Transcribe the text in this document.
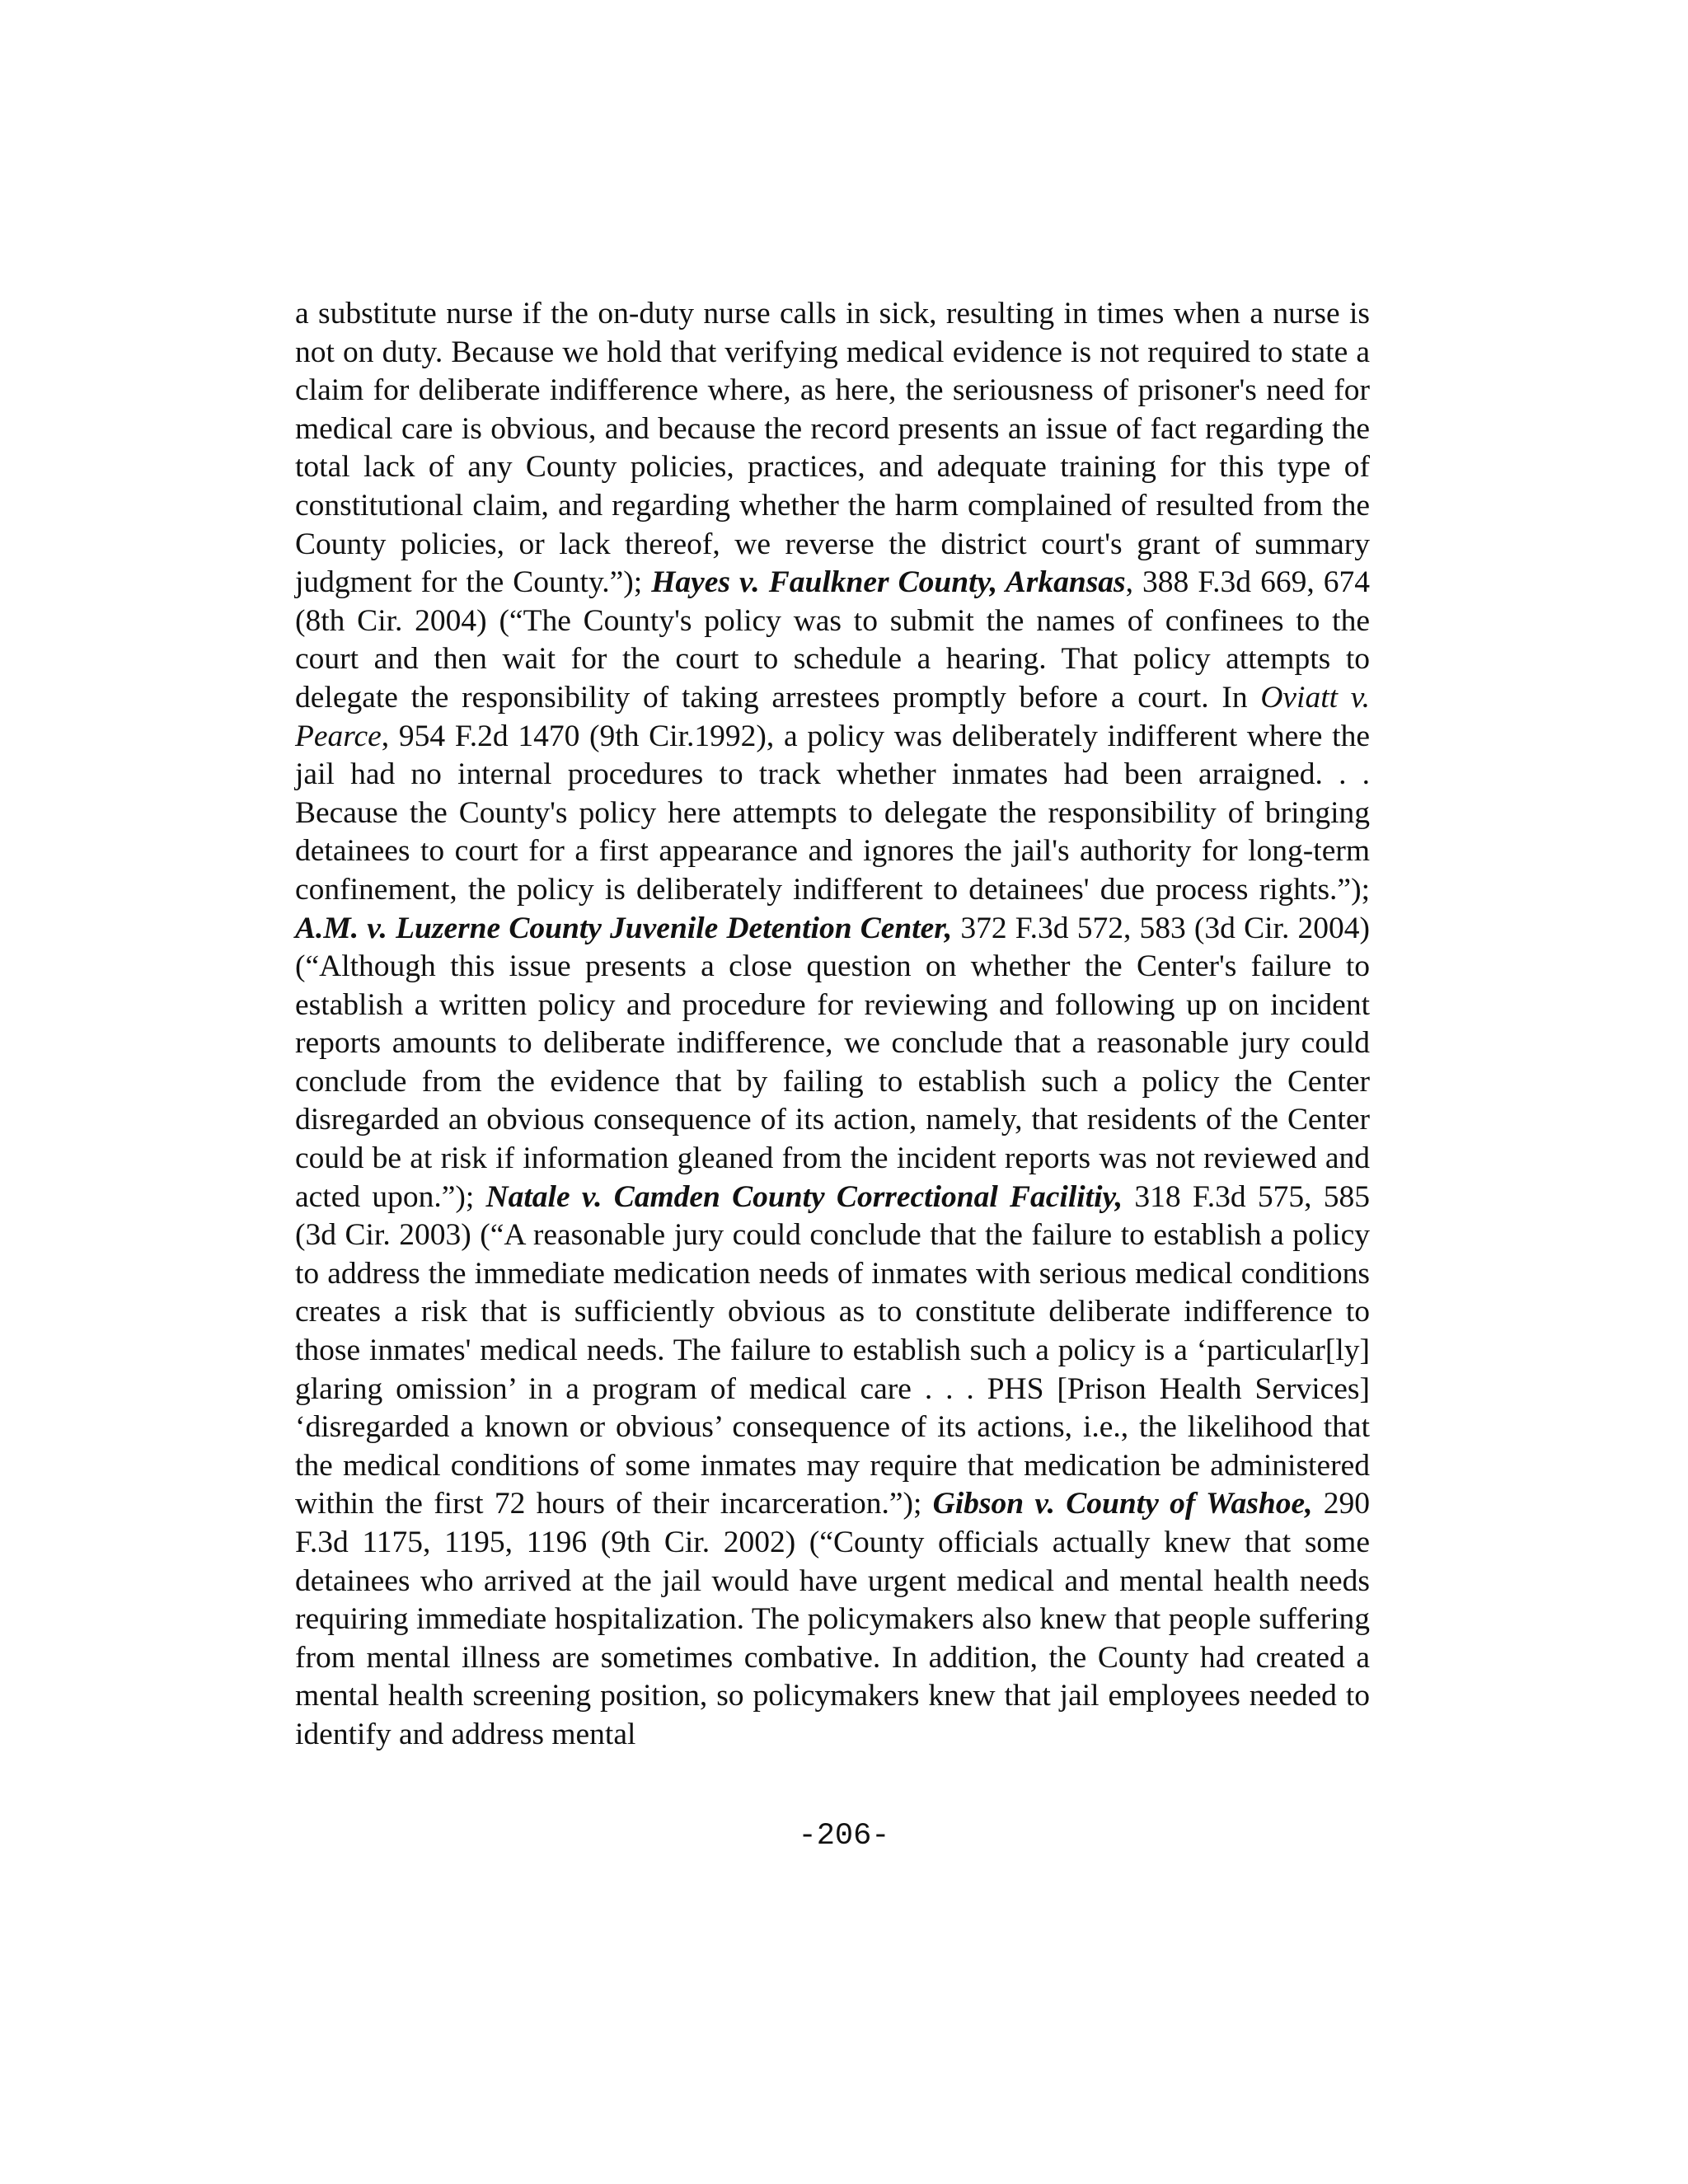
a substitute nurse if the on-duty nurse calls in sick, resulting in times when a nurse is not on duty. Because we hold that verifying medical evidence is not required to state a claim for deliberate indifference where, as here, the seriousness of prisoner's need for medical care is obvious, and because the record presents an issue of fact regarding the total lack of any County policies, practices, and adequate training for this type of constitutional claim, and regarding whether the harm complained of resulted from the County policies, or lack thereof, we reverse the district court's grant of summary judgment for the County.”); Hayes v. Faulkner County, Arkansas, 388 F.3d 669, 674 (8th Cir. 2004) (“The County's policy was to submit the names of confinees to the court and then wait for the court to schedule a hearing. That policy attempts to delegate the responsibility of taking arrestees promptly before a court. In Oviatt v. Pearce, 954 F.2d 1470 (9th Cir.1992), a policy was deliberately indifferent where the jail had no internal procedures to track whether inmates had been arraigned. . . Because the County's policy here attempts to delegate the responsibility of bringing detainees to court for a first appearance and ignores the jail's authority for long-term confinement, the policy is deliberately indifferent to detainees' due process rights.”); A.M. v. Luzerne County Juvenile Detention Center, 372 F.3d 572, 583 (3d Cir. 2004) (“Although this issue presents a close question on whether the Center's failure to establish a written policy and procedure for reviewing and following up on incident reports amounts to deliberate indifference, we conclude that a reasonable jury could conclude from the evidence that by failing to establish such a policy the Center disregarded an obvious consequence of its action, namely, that residents of the Center could be at risk if information gleaned from the incident reports was not reviewed and acted upon.”); Natale v. Camden County Correctional Facilitiy, 318 F.3d 575, 585 (3d Cir. 2003) (“A reasonable jury could conclude that the failure to establish a policy to address the immediate medication needs of inmates with serious medical conditions creates a risk that is sufficiently obvious as to constitute deliberate indifference to those inmates' medical needs. The failure to establish such a policy is a ‘particular[ly] glaring omission’ in a program of medical care . . . PHS [Prison Health Services] ‘disregarded a known or obvious’ consequence of its actions, i.e., the likelihood that the medical conditions of some inmates may require that medication be administered within the first 72 hours of their incarceration.”); Gibson v. County of Washoe, 290 F.3d 1175, 1195, 1196 (9th Cir. 2002) (“County officials actually knew that some detainees who arrived at the jail would have urgent medical and mental health needs requiring immediate hospitalization. The policymakers also knew that people suffering from mental illness are sometimes combative. In addition, the County had created a mental health screening position, so policymakers knew that jail employees needed to identify and address mental

-206-
